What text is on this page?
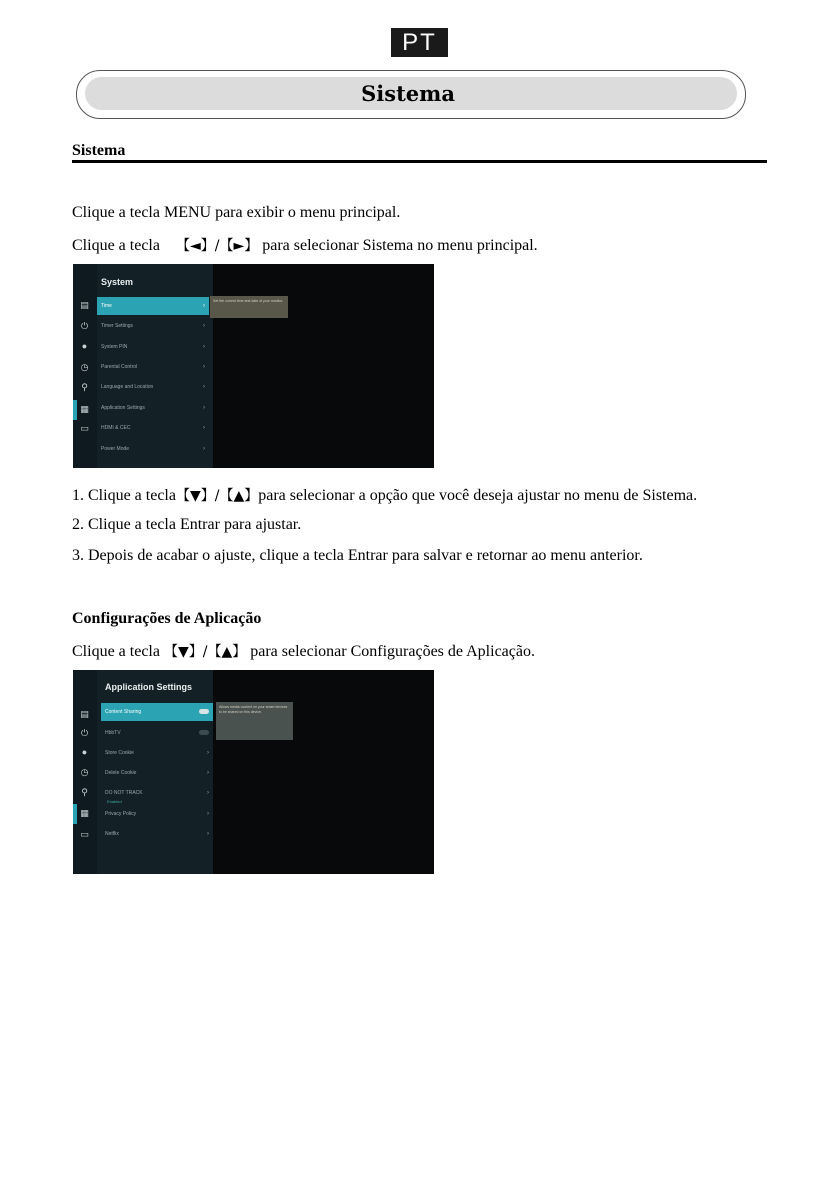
PT
Sistema
Sistema
Clique a tecla MENU para exibir o menu principal.
Clique a tecla 【◄】/【►】 para selecionar Sistema no menu principal.
▤
⏻
●
◷
⚲
▦
▭
System
Time	›
Timer Settings	›
System PIN	›
Parental Control	›
Language and Location	›
Application Settings	›
HDMI & CEC	›
Power Mode	›
Set the current time and date of your monitor.
1. Clique a tecla【▼】/【▲】para selecionar a opção que você deseja ajustar no menu de Sistema.
2. Clique a tecla Entrar para ajustar.
3. Depois de acabar o ajuste, clique a tecla Entrar para salvar e retornar ao menu anterior.
Configurações de Aplicação
Clique a tecla 【▼】/【▲】 para selecionar Configurações de Aplicação.
▤
⏻
●
◷
⚲
▦
▭
Application Settings
Content Sharing
HbbTV
Store Cookie	›
Delete Cookie	›
DO NOT TRACK
Enabled
›
Privacy Policy	›
Netflix	›
Allows media content on your smart devices to be shared on this device.
